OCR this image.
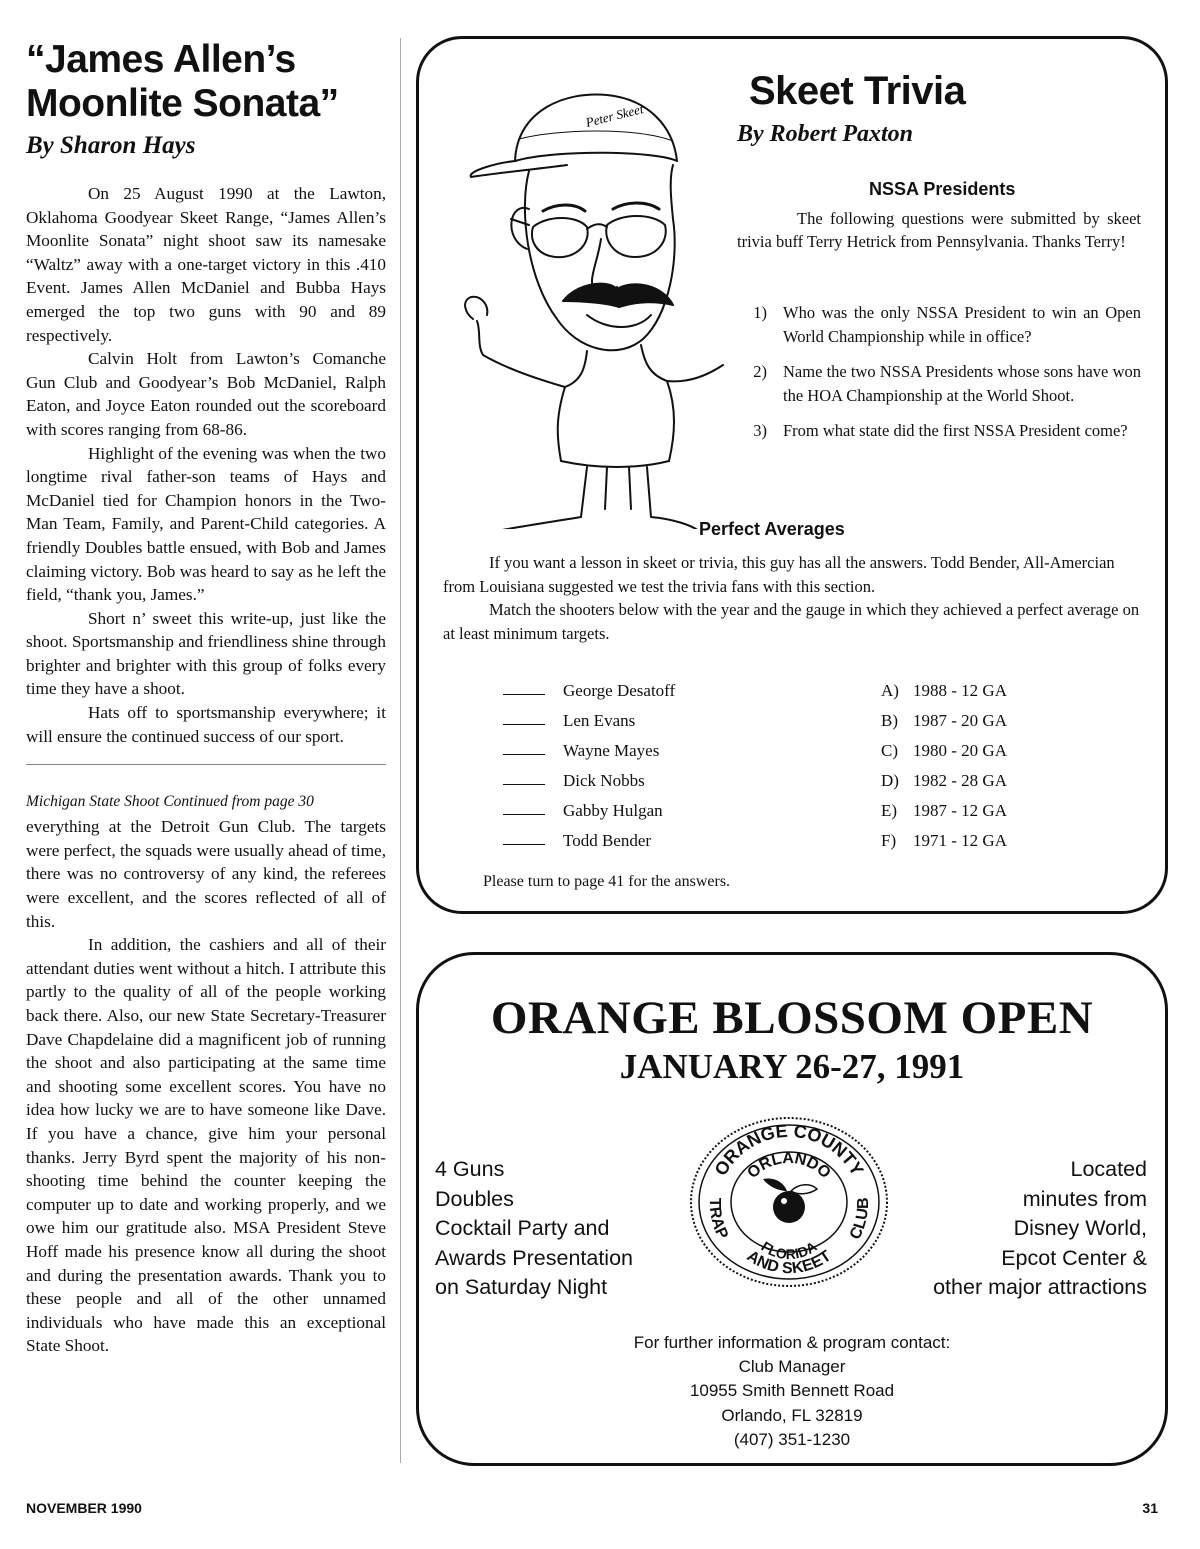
“James Allen’s
Moonlite Sonata”
By Sharon Hays

On 25 August 1990 at the Lawton, Oklahoma Goodyear Skeet Range, “James Allen’s Moonlite Sonata” night shoot saw its namesake “Waltz” away with a one-target victory in this .410 Event. James Allen McDaniel and Bubba Hays emerged the top two guns with 90 and 89 respectively.

Calvin Holt from Lawton’s Comanche Gun Club and Goodyear’s Bob McDaniel, Ralph Eaton, and Joyce Eaton rounded out the scoreboard with scores ranging from 68-86.

Highlight of the evening was when the two longtime rival father-son teams of Hays and McDaniel tied for Champion honors in the Two-Man Team, Family, and Parent-Child categories. A friendly Doubles battle ensued, with Bob and James claiming victory. Bob was heard to say as he left the field, “thank you, James.”

Short n’ sweet this write-up, just like the shoot. Sportsmanship and friendliness shine through brighter and brighter with this group of folks every time they have a shoot.

Hats off to sportsmanship everywhere; it will ensure the continued success of our sport.

Michigan State Shoot Continued from page 30

everything at the Detroit Gun Club. The targets were perfect, the squads were usually ahead of time, there was no controversy of any kind, the referees were excellent, and the scores reflected of all of this.

In addition, the cashiers and all of their attendant duties went without a hitch. I attribute this partly to the quality of all of the people working back there. Also, our new State Secretary-Treasurer Dave Chapdelaine did a magnificent job of running the shoot and also participating at the same time and shooting some excellent scores. You have no idea how lucky we are to have someone like Dave. If you have a chance, give him your personal thanks. Jerry Byrd spent the majority of his non-shooting time behind the counter keeping the computer up to date and working properly, and we owe him our gratitude also. MSA President Steve Hoff made his presence know all during the shoot and during the presentation awards. Thank you to these people and all of the other unnamed individuals who have made this an exceptional State Shoot.

Peter Skeet
Skeet Trivia
By Robert Paxton
NSSA Presidents
The following questions were submitted by skeet trivia buff Terry Hetrick from Pennsylvania. Thanks Terry!
1) Who was the only NSSA President to win an Open World Championship while in office?
2) Name the two NSSA Presidents whose sons have won the HOA Championship at the World Shoot.
3) From what state did the first NSSA President come?
Perfect Averages
If you want a lesson in skeet or trivia, this guy has all the answers. Todd Bender, All-Amercian from Louisiana suggested we test the trivia fans with this section.
Match the shooters below with the year and the gauge in which they achieved a perfect average on at least minimum targets.
George Desatoff
Len Evans
Wayne Mayes
Dick Nobbs
Gabby Hulgan
Todd Bender
A) 1988 - 12 GA
B) 1987 - 20 GA
C) 1980 - 20 GA
D) 1982 - 28 GA
E) 1987 - 12 GA
F) 1971 - 12 GA
Please turn to page 41 for the answers.
ORANGE BLOSSOM OPEN
JANUARY 26-27, 1991
4 Guns
Doubles
Cocktail Party and
Awards Presentation
on Saturday Night
ORANGE COUNTY
ORLANDO
FLORIDA
AND SKEET
TRAP	CLUB
Located
minutes from
Disney World,
Epcot Center &
other major attractions
For further information & program contact:
Club Manager
10955 Smith Bennett Road
Orlando, FL 32819
(407) 351-1230
NOVEMBER 1990	31
